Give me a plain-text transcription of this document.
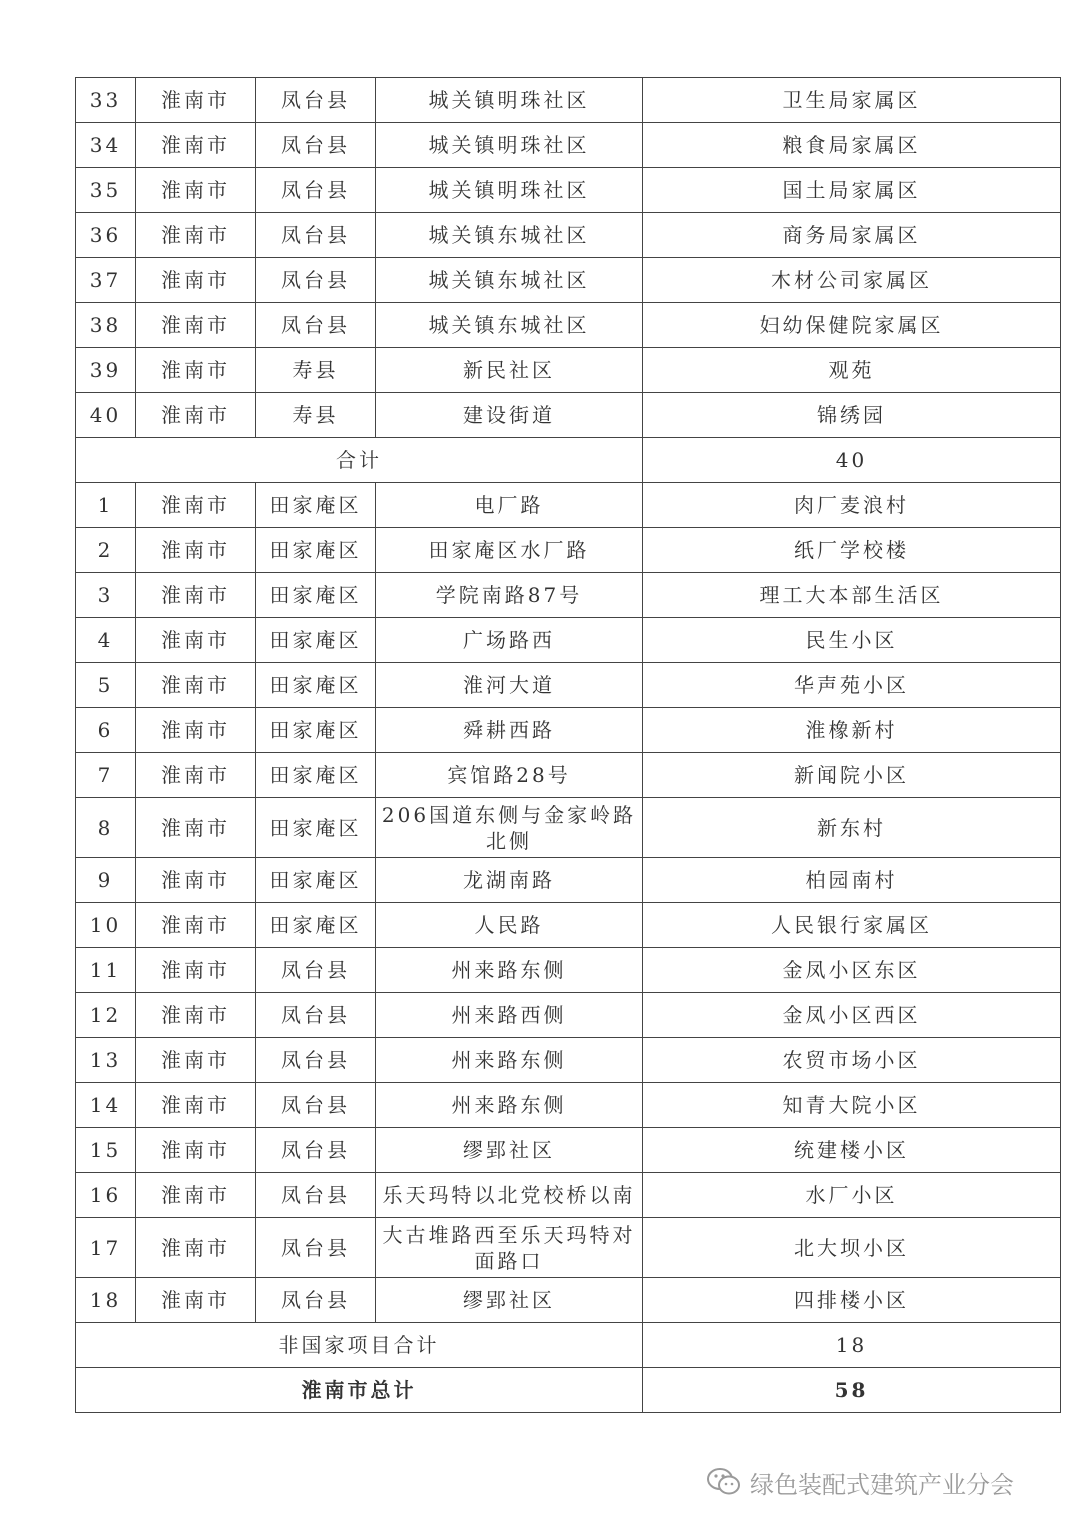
33	淮南市	凤台县	城关镇明珠社区	卫生局家属区
34	淮南市	凤台县	城关镇明珠社区	粮食局家属区
35	淮南市	凤台县	城关镇明珠社区	国土局家属区
36	淮南市	凤台县	城关镇东城社区	商务局家属区
37	淮南市	凤台县	城关镇东城社区	木材公司家属区
38	淮南市	凤台县	城关镇东城社区	妇幼保健院家属区
39	淮南市	寿县	新民社区	观苑
40	淮南市	寿县	建设街道	锦绣园
合计				40
1	淮南市	田家庵区	电厂路	肉厂麦浪村
2	淮南市	田家庵区	田家庵区水厂路	纸厂学校楼
3	淮南市	田家庵区	学院南路87号	理工大本部生活区
4	淮南市	田家庵区	广场路西	民生小区
5	淮南市	田家庵区	淮河大道	华声苑小区
6	淮南市	田家庵区	舜耕西路	淮橡新村
7	淮南市	田家庵区	宾馆路28号	新闻院小区
8	淮南市	田家庵区	206国道东侧与金家岭路北侧	新东村
9	淮南市	田家庵区	龙湖南路	柏园南村
10	淮南市	田家庵区	人民路	人民银行家属区
11	淮南市	凤台县	州来路东侧	金凤小区东区
12	淮南市	凤台县	州来路西侧	金凤小区西区
13	淮南市	凤台县	州来路东侧	农贸市场小区
14	淮南市	凤台县	州来路东侧	知青大院小区
15	淮南市	凤台县	缪郢社区	统建楼小区
16	淮南市	凤台县	乐天玛特以北党校桥以南	水厂小区
17	淮南市	凤台县	大古堆路西至乐天玛特对面路口	北大坝小区
18	淮南市	凤台县	缪郢社区	四排楼小区
非国家项目合计				18
淮南市总计				58
绿色装配式建筑产业分会
